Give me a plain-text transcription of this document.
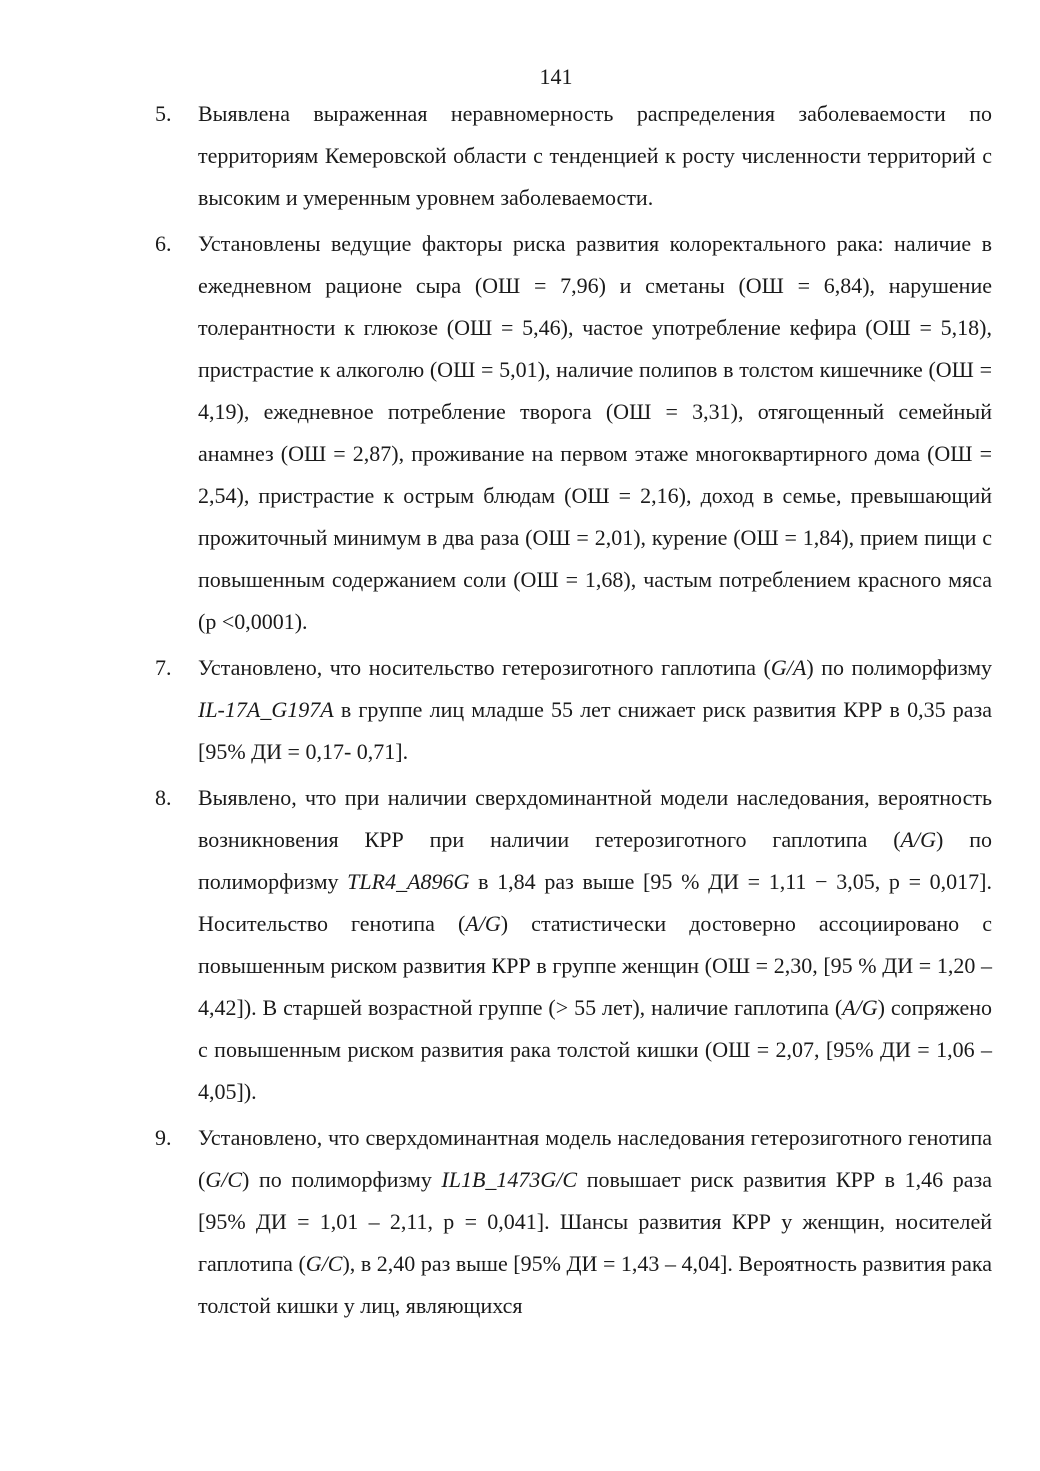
141
5. Выявлена выраженная неравномерность распределения заболеваемости по территориям Кемеровской области с тенденцией к росту численности территорий с высоким и умеренным уровнем заболеваемости.
6. Установлены ведущие факторы риска развития колоректального рака: наличие в ежедневном рационе сыра (ОШ = 7,96) и сметаны (ОШ = 6,84), нарушение толерантности к глюкозе (ОШ = 5,46), частое употребление кефира (ОШ = 5,18), пристрастие к алкоголю (ОШ = 5,01), наличие полипов в толстом кишечнике (ОШ = 4,19), ежедневное потребление творога (ОШ = 3,31), отягощенный семейный анамнез (ОШ = 2,87), проживание на первом этаже многоквартирного дома (ОШ = 2,54), пристрастие к острым блюдам (ОШ = 2,16), доход в семье, превышающий прожиточный минимум в два раза (ОШ = 2,01), курение (ОШ = 1,84), прием пищи с повышенным содержанием соли (ОШ = 1,68), частым потреблением красного мяса (р <0,0001).
7. Установлено, что носительство гетерозиготного гаплотипа (G/A) по полиморфизму IL-17A_G197A в группе лиц младше 55 лет снижает риск развития КРР в 0,35 раза [95% ДИ = 0,17- 0,71].
8. Выявлено, что при наличии сверхдоминантной модели наследования, вероятность возникновения КРР при наличии гетерозиготного гаплотипа (A/G) по полиморфизму TLR4_A896G в 1,84 раз выше [95 % ДИ = 1,11 − 3,05, р = 0,017]. Носительство генотипа (A/G) статистически достоверно ассоциировано с повышенным риском развития КРР в группе женщин (ОШ = 2,30, [95 % ДИ = 1,20 – 4,42]). В старшей возрастной группе (> 55 лет), наличие гаплотипа (A/G) сопряжено с повышенным риском развития рака толстой кишки (ОШ = 2,07, [95% ДИ = 1,06 – 4,05]).
9. Установлено, что сверхдоминантная модель наследования гетерозиготного генотипа (G/C) по полиморфизму IL1B_1473G/C повышает риск развития КРР в 1,46 раза [95% ДИ = 1,01 – 2,11, р = 0,041]. Шансы развития КРР у женщин, носителей гаплотипа (G/C), в 2,40 раз выше [95% ДИ = 1,43 – 4,04]. Вероятность развития рака толстой кишки у лиц, являющихся
